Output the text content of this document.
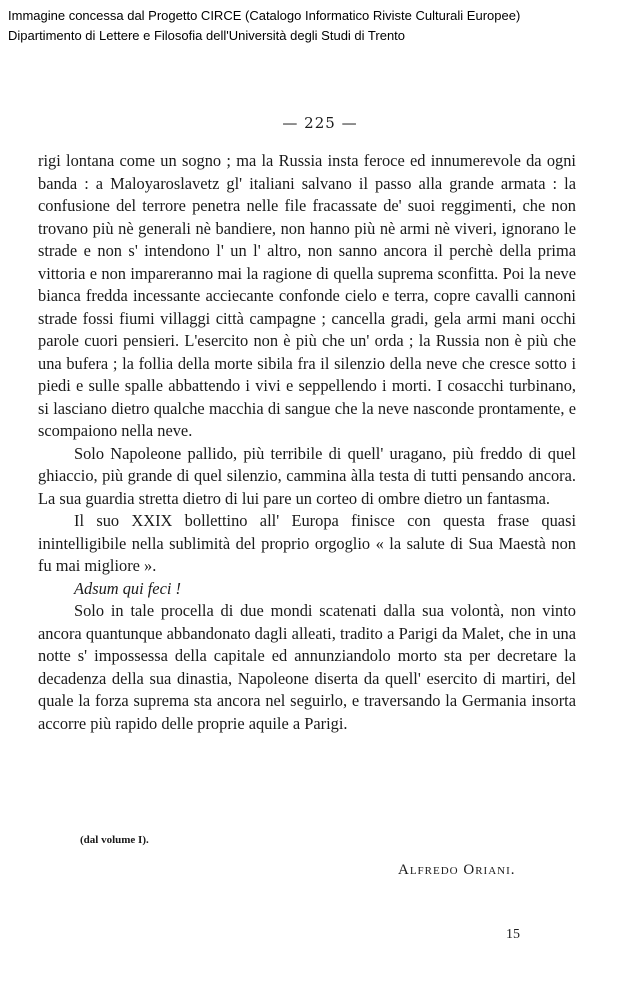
Immagine concessa dal Progetto CIRCE (Catalogo Informatico Riviste Culturali Europee)
Dipartimento di Lettere e Filosofia dell'Università degli Studi di Trento
— 225 —

rigi lontana come un sogno ; ma la Russia insta feroce ed innumerevole da ogni banda : a Maloyaroslavetz gl' italiani salvano il passo alla grande armata : la confusione del terrore penetra nelle file fracassate de' suoi reggimenti, che non trovano più nè generali nè bandiere, non hanno più nè armi nè viveri, ignorano le strade e non s' intendono l' un l' altro, non sanno ancora il perchè della prima vittoria e non impareranno mai la ragione di quella suprema sconfitta. Poi la neve bianca fredda incessante acciecante confonde cielo e terra, copre cavalli cannoni strade fossi fiumi villaggi città campagne ; cancella gradi, gela armi mani occhi parole cuori pensieri. L'esercito non è più che un' orda ; la Russia non è più che una bufera ; la follia della morte sibila fra il silenzio della neve che cresce sotto i piedi e sulle spalle abbattendo i vivi e seppellendo i morti. I cosacchi turbinano, si lasciano dietro qualche macchia di sangue che la neve nasconde prontamente, e scompaiono nella neve.

Solo Napoleone pallido, più terribile di quell' uragano, più freddo di quel ghiaccio, più grande di quel silenzio, cammina àlla testa di tutti pensando ancora. La sua guardia stretta dietro di lui pare un corteo di ombre dietro un fantasma.

Il suo XXIX bollettino all' Europa finisce con questa frase quasi inintelligibile nella sublimità del proprio orgoglio « la salute di Sua Maestà non fu mai migliore ».

Adsum qui feci !

Solo in tale procella di due mondi scatenati dalla sua volontà, non vinto ancora quantunque abbandonato dagli alleati, tradito a Parigi da Malet, che in una notte s' impossessa della capitale ed annunziandolo morto sta per decretare la decadenza della sua dinastia, Napoleone diserta da quell' esercito di martiri, del quale la forza suprema sta ancora nel seguirlo, e traversando la Germania insorta accorre più rapido delle proprie aquile a Parigi.

(dal volume I).
Alfredo Oriani.
15
